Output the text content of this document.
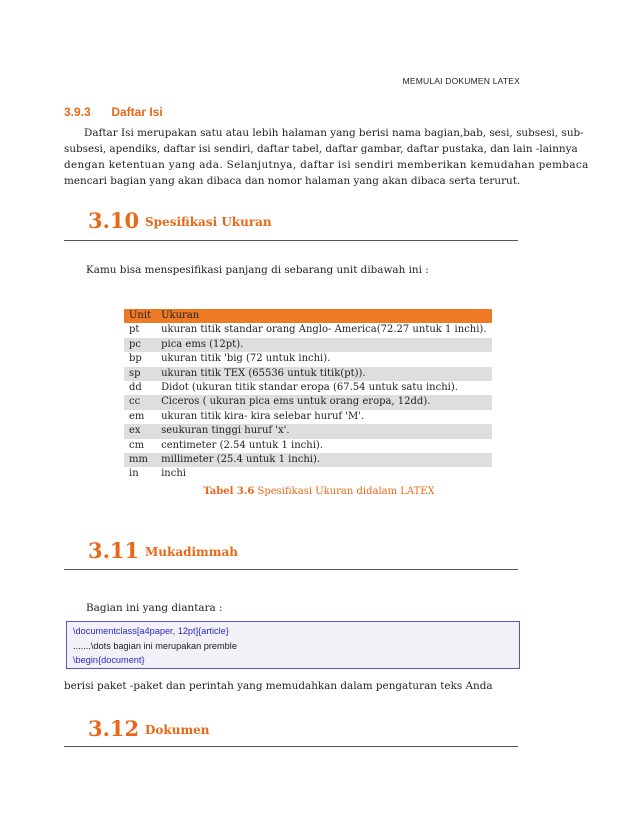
MEMULAI DOKUMEN LATEX
3.9.3 Daftar Isi
Daftar Isi merupakan satu atau lebih halaman yang berisi nama bagian,bab, sesi, subsesi, sub-
subsesi, apendiks, daftar isi sendiri, daftar tabel, daftar gambar, daftar pustaka, dan lain -lainnya
dengan ketentuan yang ada. Selanjutnya, daftar isi sendiri memberikan kemudahan pembaca
mencari bagian yang akan dibaca dan nomor halaman yang akan dibaca serta terurut.
3.10 Spesifikasi Ukuran
Kamu bisa menspesifikasi panjang di sebarang unit dibawah ini :
Unit	Ukuran
pt	ukuran titik standar orang Anglo- America(72.27 untuk 1 inchi).
pc	pica ems (12pt).
bp	ukuran titik 'big (72 untuk inchi).
sp	ukuran titik TEX (65536 untuk titik(pt)).
dd	Didot (ukuran titik standar eropa (67.54 untuk satu inchi).
cc	Ciceros ( ukuran pica ems untuk orang eropa, 12dd).
em	ukuran titik kira- kira selebar huruf 'M'.
ex	seukuran tinggi huruf 'x'.
cm	centimeter (2.54 untuk 1 inchi).
mm	millimeter (25.4 untuk 1 inchi).
in	inchi
Tabel 3.6 Spesifikasi Ukuran didalam LATEX
3.11 Mukadimmah
Bagian ini yang diantara :
\documentclass[a4paper, 12pt]{article}
.......\dots bagian ini merupakan premble
\begin{document}
berisi paket -paket dan perintah yang memudahkan dalam pengaturan teks Anda
3.12 Dokumen
